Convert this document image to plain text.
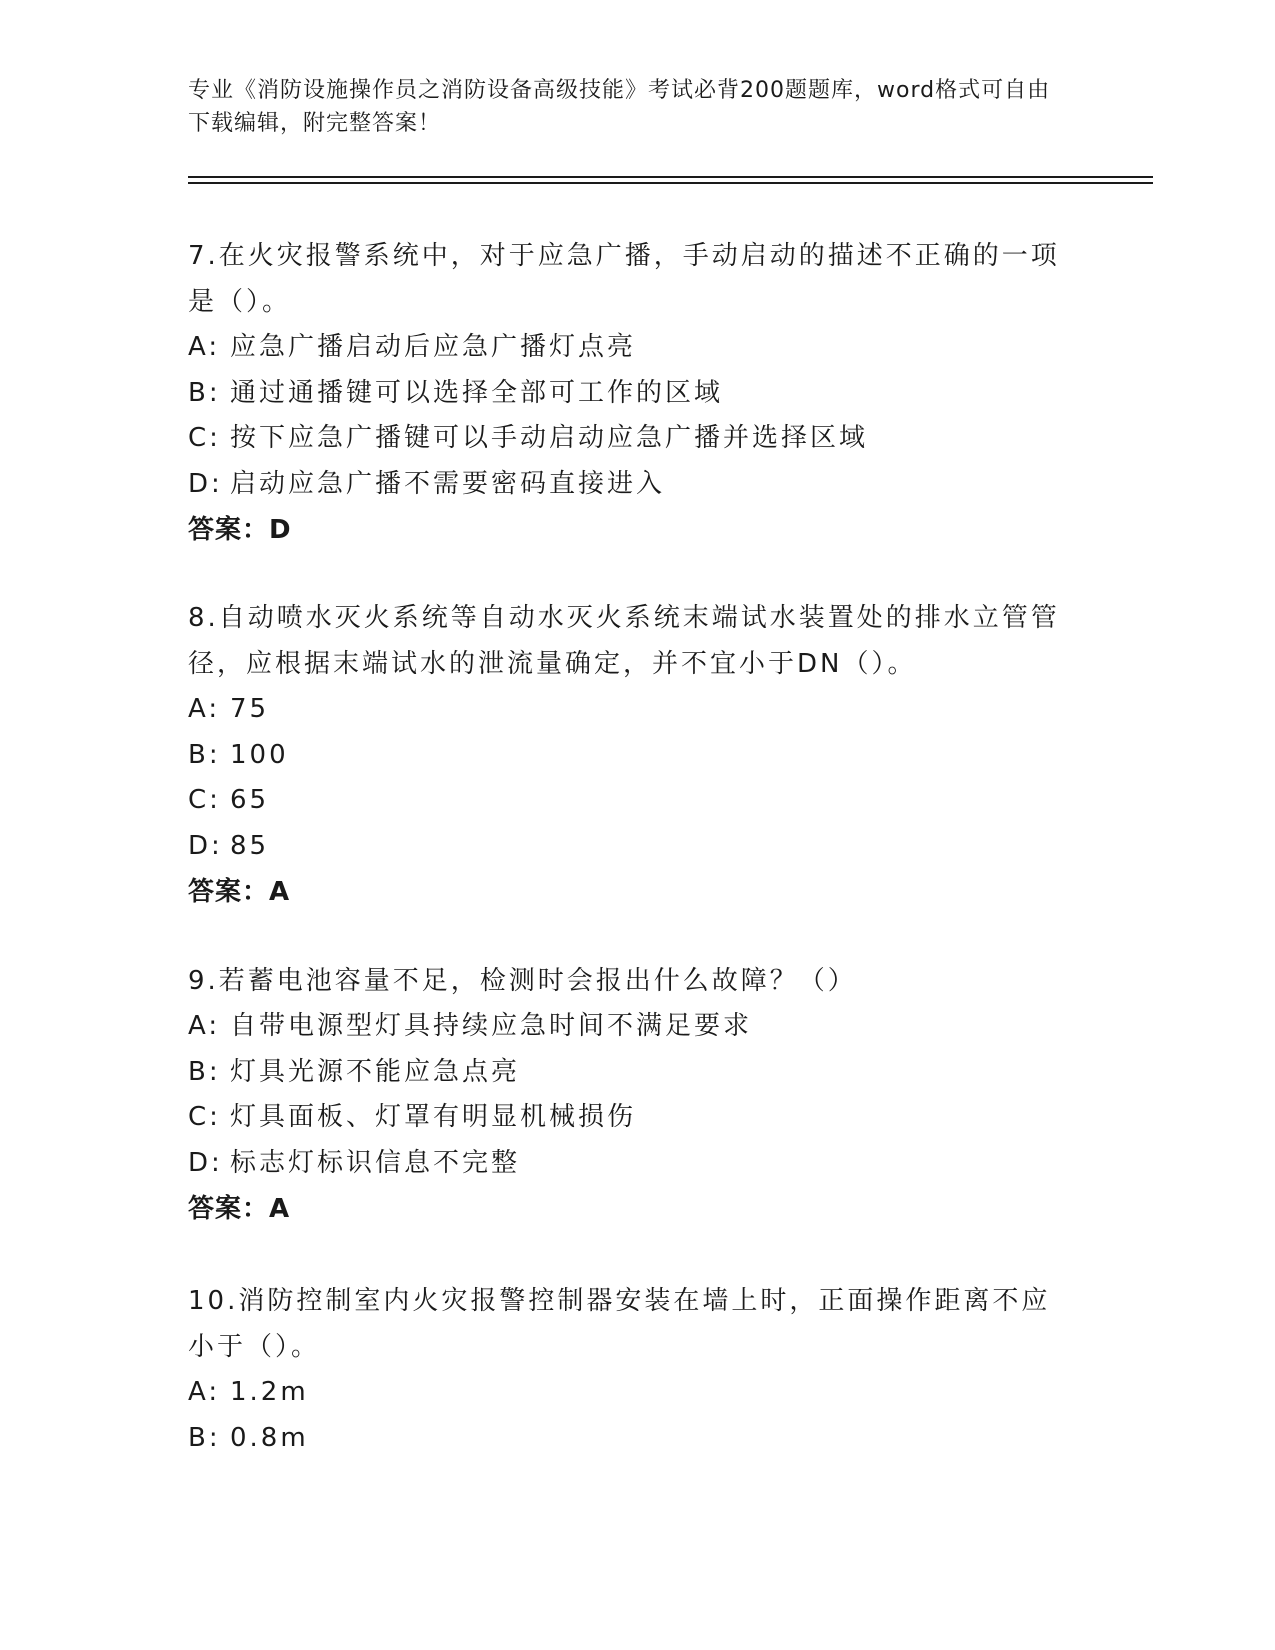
专业《消防设施操作员之消防设备高级技能》考试必背200题题库，word格式可自由下载编辑，附完整答案！

7.在火灾报警系统中，对于应急广播，手动启动的描述不正确的一项是（）。

A: 应急广播启动后应急广播灯点亮

B: 通过通播键可以选择全部可工作的区域

C: 按下应急广播键可以手动启动应急广播并选择区域

D: 启动应急广播不需要密码直接进入

答案：D

8.自动喷水灭火系统等自动水灭火系统末端试水装置处的排水立管管径，应根据末端试水的泄流量确定，并不宜小于DN（）。

A: 75

B: 100

C: 65

D: 85

答案：A

9.若蓄电池容量不足，检测时会报出什么故障？（）

A: 自带电源型灯具持续应急时间不满足要求

B: 灯具光源不能应急点亮

C: 灯具面板、灯罩有明显机械损伤

D: 标志灯标识信息不完整

答案：A

10.消防控制室内火灾报警控制器安装在墙上时，正面操作距离不应小于（）。

A: 1.2m

B: 0.8m
